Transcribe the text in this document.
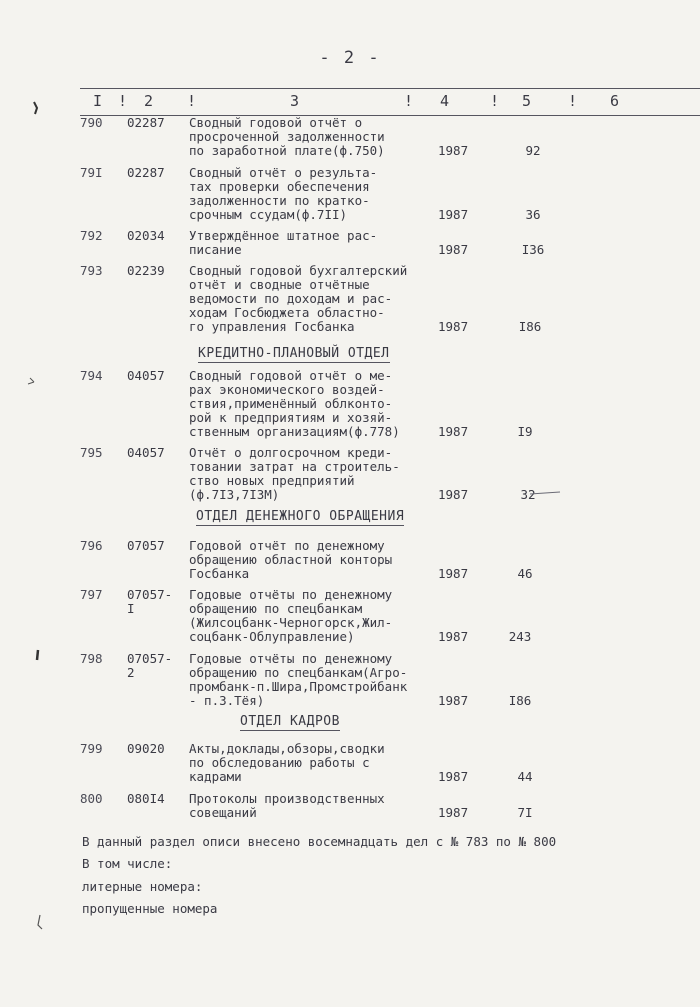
- 2 -
I ! 2 !	3	! 4	! 5 ! 6
790 02287 Сводный годовой отчёт о
просроченной задолженности
по заработной плате(ф.750)	1987	92
79I 02287 Сводный отчёт о результа-
тах проверки обеспечения
задолженности по кратко-
срочным ссудам(ф.7II)	1987	36
792 02034 Утверждённое штатное рас-
писание	1987	I36
793 02239 Сводный годовой бухгалтерский
отчёт и сводные отчётные
ведомости по доходам и рас-
ходам Госбюджета областно-
го управления Госбанка	1987	I86
КРЕДИТНО-ПЛАНОВЫЙ ОТДЕЛ
794 04057 Сводный годовой отчёт о ме-
рах экономического воздей-
ствия,применённый облконто-
рой к предприятиям и хозяй-
ственным организациям(ф.778)	1987	I9
795 04057 Отчёт о долгосрочном креди-
товании затрат на строитель-
ство новых предприятий
(ф.7I3,7I3М)	1987	32
ОТДЕЛ ДЕНЕЖНОГО ОБРАЩЕНИЯ
796 07057 Годовой отчёт по денежному
обращению областной конторы
Госбанка	1987	46
797 07057-I
Годовые отчёты по денежному
обращению по спецбанкам
(Жилсоцбанк-Черногорск,Жил-
соцбанк-Облуправление)	1987	243
798 07057-2
Годовые отчёты по денежному
обращению по спецбанкам(Агро-
промбанк-п.Шира,Промстройбанк
- п.З.Тёя)	1987	I86
ОТДЕЛ КАДРОВ
799 09020 Акты,доклады,обзоры,сводки
по обследованию работы с
кадрами	1987	44
800 080I4 Протоколы производственных
совещаний	1987	7I
В данный раздел описи внесено восемнадцать дел с № 783 по № 800
В том числе:
литерные номера:
пропущенные номера
